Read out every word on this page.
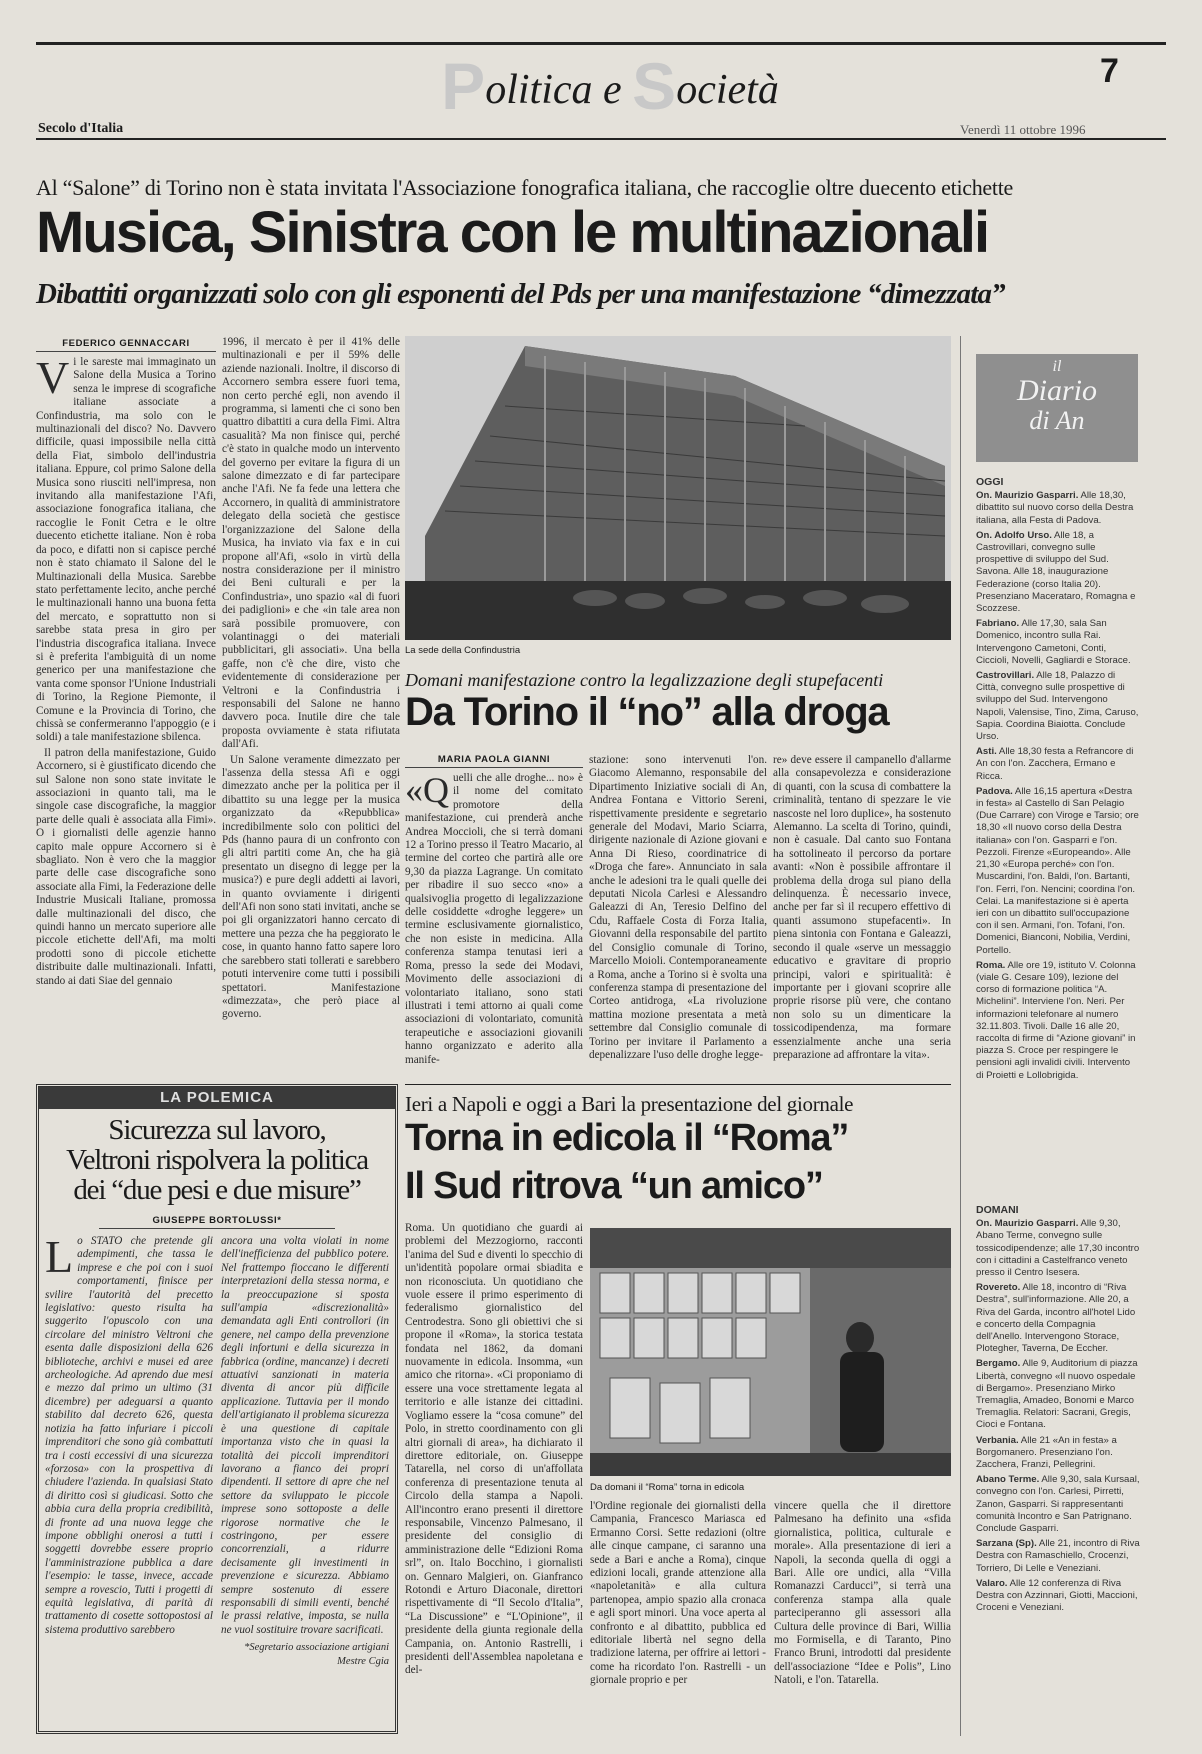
Politica e Società	7
Secolo d'Italia	Venerdì 11 ottobre 1996
Al “Salone” di Torino non è stata invitata l'Associazione fonografica italiana, che raccoglie oltre duecento etichette
Musica, Sinistra con le multinazionali
Dibattiti organizzati solo con gli esponenti del Pds per una manifestazione “dimezzata”
FEDERICO GENNACCARI
V i le sareste mai immaginato un Salone della Musica a Torino senza le imprese di scografiche italiane associate a Confindustria, ma solo con le multinazionali del disco? No. Davvero difficile, quasi impossibile nella città della Fiat, simbolo dell'industria italiana. Eppure, col primo Salone della Musica sono riusciti nell'impresa, non invitando alla manifestazione l'Afi, associazione fonografica italiana, che raccoglie le Fonit Cetra e le oltre duecento etichette italiane. Non è roba da poco, e difatti non si capisce perché non è stato chiamato il Salone del le Multinazionali della Musica. Sarebbe stato perfettamente lecito, anche perché le multinazionali hanno una buona fetta del mercato, e soprattutto non si sarebbe stata presa in giro per l'industria discografica italiana. Invece si è preferita l'ambiguità di un nome generico per una manifestazione che vanta come sponsor l'Unione Industriali di Torino, la Regione Piemonte, il Comune e la Provincia di Torino, che chissà se confermeranno l'appoggio (e i soldi) a tale manifestazione sbilenca.

Il patron della manifestazione, Guido Accornero, si è giustificato dicendo che sul Salone non sono state invitate le associazioni in quanto tali, ma le singole case discografiche, la maggior parte delle quali è associata alla Fimi». O i giornalisti delle agenzie hanno capito male oppure Accornero si è sbagliato. Non è vero che la maggior parte delle case discografiche sono associate alla Fimi, la Federazione delle Industrie Musicali Italiane, promossa dalle multinazionali del disco, che quindi hanno un mercato superiore alle piccole etichette dell'Afi, ma molti prodotti sono di piccole etichette distribuite dalle multinazionali. Infatti, stando ai dati Siae del gennaio

1996, il mercato è per il 41% delle multinazionali e per il 59% delle aziende nazionali. Inoltre, il discorso di Accornero sembra essere fuori tema, non certo perché egli, non avendo il programma, si lamenti che ci sono ben quattro dibattiti a cura della Fimi. Altra casualità? Ma non finisce qui, perché c'è stato in qualche modo un intervento del governo per evitare la figura di un salone dimezzato e di far partecipare anche l'Afi. Ne fa fede una lettera che Accornero, in qualità di amministratore delegato della società che gestisce l'organizzazione del Salone della Musica, ha inviato via fax e in cui propone all'Afi, «solo in virtù della nostra considerazione per il ministro dei Beni culturali e per la Confindustria», uno spazio «al di fuori dei padiglioni» e che «in tale area non sarà possibile promuovere, con volantinaggi o dei materiali pubblicitari, gli associati». Una bella gaffe, non c'è che dire, visto che evidentemente di considerazione per Veltroni e la Confindustria i responsabili del Salone ne hanno davvero poca. Inutile dire che tale proposta ovviamente è stata rifiutata dall'Afi.

Un Salone veramente dimezzato per l'assenza della stessa Afi e oggi dimezzato anche per la politica per il dibattito su una legge per la musica organizzato da «Repubblica» incredibilmente solo con politici del Pds (hanno paura di un confronto con gli altri partiti come An, che ha già presentato un disegno di legge per la musica?) e pure degli addetti ai lavori, in quanto ovviamente i dirigenti dell'Afi non sono stati invitati, anche se poi gli organizzatori hanno cercato di mettere una pezza che ha peggiorato le cose, in quanto hanno fatto sapere loro che sarebbero stati tollerati e sarebbero potuti intervenire come tutti i possibili spettatori. Manifestazione «dimezzata», che però piace al governo.

La sede della Confindustria
Domani manifestazione contro la legalizzazione degli stupefacenti
Da Torino il “no” alla droga
MARIA PAOLA GIANNI
«Q uelli che alle droghe... no» è il nome del comitato promotore della manifestazione, cui prenderà anche Andrea Moccioli, che si terrà domani 12 a Torino presso il Teatro Macario, al termine del corteo che partirà alle ore 9,30 da piazza Lagrange. Un comitato per ribadire il suo secco «no» a qualsivoglia progetto di legalizzazione delle cosiddette «droghe leggere» un termine esclusivamente giornalistico, che non esiste in medicina. Alla conferenza stampa tenutasi ieri a Roma, presso la sede dei Modavi, Movimento delle associazioni di volontariato italiano, sono stati illustrati i temi attorno ai quali come associazioni di volontariato, comunità terapeutiche e associazioni giovanili hanno organizzato e aderito alla manife-
stazione: sono intervenuti l'on. Giacomo Alemanno, responsabile del Dipartimento Iniziative sociali di An, Andrea Fontana e Vittorio Sereni, rispettivamente presidente e segretario generale del Modavi, Mario Sciarra, dirigente nazionale di Azione giovani e Anna Di Rieso, coordinatrice di «Droga che fare». Annunciato in sala anche le adesioni tra le quali quelle dei deputati Nicola Carlesi e Alessandro Galeazzi di An, Teresio Delfino del Cdu, Raffaele Costa di Forza Italia, Giovanni della responsabile del partito del Consiglio comunale di Torino, Marcello Moioli. Contemporaneamente a Roma, anche a Torino si è svolta una conferenza stampa di presentazione del Corteo antidroga, «La rivoluzione mattina mozione presentata a metà settembre dal Consiglio comunale di Torino per invitare il Parlamento a depenalizzare l'uso delle droghe legge-
re» deve essere il campanello d'allarme alla consapevolezza e considerazione di quanti, con la scusa di combattere la criminalità, tentano di spezzare le vie nascoste nel loro duplice», ha sostenuto Alemanno. La scelta di Torino, quindi, non è casuale. Dal canto suo Fontana ha sottolineato il percorso da portare avanti: «Non è possibile affrontare il problema della droga sul piano della delinquenza. È necessario invece, anche per far sì il recupero effettivo di quanti assumono stupefacenti». In piena sintonia con Fontana e Galeazzi, secondo il quale «serve un messaggio educativo e gravitare di proprio principi, valori e spiritualità: è importante per i giovani scoprire alle proprie risorse più vere, che contano non solo su un dimenticare la tossicodipendenza, ma formare essenzialmente anche una seria preparazione ad affrontare la vita».
LA POLEMICA
Sicurezza sul lavoro,
Veltroni rispolvera la politica
dei “due pesi e due misure”
GIUSEPPE BORTOLUSSI*
L o STATO che pretende gli adempimenti, che tassa le imprese e che poi con i suoi comportamenti, finisce per svilire l'autorità del precetto legislativo: questo risulta ha suggerito l'opuscolo con una circolare del ministro Veltroni che esenta dalle disposizioni della 626 biblioteche, archivi e musei ed aree archeologiche. Ad aprendo due mesi e mezzo dal primo un ultimo (31 dicembre) per adeguarsi a quanto stabilito dal decreto 626, questa notizia ha fatto infuriare i piccoli imprenditori che sono già combattuti tra i costi eccessivi di una sicurezza «forzosa» con la prospettiva di chiudere l'azienda. In qualsiasi Stato di diritto così si giudicasi. Sotto che abbia cura della propria credibilità, di fronte ad una nuova legge che impone obblighi onerosi a tutti i soggetti dovrebbe essere proprio l'amministrazione pubblica a dare l'esempio: le tasse, invece, accade sempre a rovescio, Tutti i progetti di equità legislativa, di parità di trattamento di cosette sottopostosi al sistema produttivo sarebbero
ancora una volta violati in nome dell'inefficienza del pubblico potere. Nel frattempo fioccano le differenti interpretazioni della stessa norma, e la preoccupazione si sposta sull'ampia «discrezionalità» demandata agli Enti controllori (in genere, nel campo della prevenzione degli infortuni e della sicurezza in fabbrica (ordine, mancanze) i decreti attuativi sanzionati in materia diventa di ancor più difficile applicazione. Tuttavia per il mondo dell'artigianato il problema sicurezza è una questione di capitale importanza visto che in quasi la totalità dei piccoli imprenditori lavorano a fianco dei propri dipendenti. Il settore di apre che nel settore da sviluppato le piccole imprese sono sottoposte a delle rigorose normative che le costringono, per essere concorrenziali, a ridurre decisamente gli investimenti in prevenzione e sicurezza. Abbiamo sempre sostenuto di essere responsabili di simili eventi, benché le prassi relative, imposta, se nulla ne vuol sostituire trovare sacrificati.
*Segretario associazione artigiani Mestre Cgia
Ieri a Napoli e oggi a Bari la presentazione del giornale
Torna in edicola il “Roma”
Il Sud ritrova “un amico”
Roma. Un quotidiano che guardi ai problemi del Mezzogiorno, racconti l'anima del Sud e diventi lo specchio di un'identità popolare ormai sbiadita e non riconosciuta. Un quotidiano che vuole essere il primo esperimento di federalismo giornalistico del Centrodestra. Sono gli obiettivi che si propone il «Roma», la storica testata fondata nel 1862, da domani nuovamente in edicola. Insomma, «un amico che ritorna». «Ci proponiamo di essere una voce strettamente legata al territorio e alle istanze dei cittadini. Vogliamo essere la “cosa comune” del Polo, in stretto coordinamento con gli altri giornali di area», ha dichiarato il direttore editoriale, on. Giuseppe Tatarella, nel corso di un'affollata conferenza di presentazione tenuta al Circolo della stampa a Napoli. All'incontro erano presenti il direttore responsabile, Vincenzo Palmesano, il presidente del consiglio di amministrazione delle “Edizioni Roma srl”, on. Italo Bocchino, i giornalisti on. Gennaro Malgieri, on. Gianfranco Rotondi e Arturo Diaconale, direttori rispettivamente di “Il Secolo d'Italia”, “La Discussione” e “L'Opinione”, il presidente della giunta regionale della Campania, on. Antonio Rastrelli, i presidenti dell'Assemblea napoletana e del-
Da domani il “Roma” torna in edicola
l'Ordine regionale dei giornalisti della Campania, Francesco Mariasca ed Ermanno Corsi. Sette redazioni (oltre alle cinque campane, ci saranno una sede a Bari e anche a Roma), cinque edizioni locali, grande attenzione alla «napoletanità» e alla cultura partenopea, ampio spazio alla cronaca e agli sport minori. Una voce aperta al confronto e al dibattito, pubblica ed editoriale libertà nel segno della tradizione laterna, per offrire ai lettori - come ha ricordato l'on. Rastrelli - un giornale proprio e per
vincere quella che il direttore Palmesano ha definito una «sfida giornalistica, politica, culturale e morale». Alla presentazione di ieri a Napoli, la seconda quella di oggi a Bari. Alle ore undici, alla “Villa Romanazzi Carducci”, si terrà una conferenza stampa alla quale parteciperanno gli assessori alla Cultura delle province di Bari, Willia mo Formisella, e di Taranto, Pino Franco Bruni, introdotti dal presidente dell'associazione “Idee e Polis”, Lino Natoli, e l'on. Tatarella.
il
Diario
di An
OGGI
On. Maurizio Gasparri. Alle 18,30, dibattito sul nuovo corso della Destra italiana, alla Festa di Padova.
On. Adolfo Urso. Alle 18, a Castrovillari, convegno sulle prospettive di sviluppo del Sud. Savona. Alle 18, inaugurazione Federazione (corso Italia 20). Presenziano Macerataro, Romagna e Scozzese.
Fabriano. Alle 17,30, sala San Domenico, incontro sulla Rai. Intervengono Cametoni, Conti, Ciccioli, Novelli, Gagliardi e Storace.
Castrovillari. Alle 18, Palazzo di Città, convegno sulle prospettive di sviluppo del Sud. Intervengono Napoli, Valensise, Tino, Zima, Caruso, Sapia. Coordina Biaiotta. Conclude Urso.
Asti. Alle 18,30 festa a Refrancore di An con l'on. Zacchera, Ermano e Ricca.
Padova. Alle 16,15 apertura «Destra in festa» al Castello di San Pelagio (Due Carrare) con Viroge e Tarsio; ore 18,30 «Il nuovo corso della Destra italiana» con l'on. Gasparri e l'on. Pezzoli. Firenze «Europeando». Alle 21,30 «Europa perché» con l'on. Muscardini, l'on. Baldi, l'on. Bartanti, l'on. Ferri, l'on. Nencini; coordina l'on. Celai. La manifestazione si è aperta ieri con un dibattito sull'occupazione con il sen. Armani, l'on. Tofani, l'on. Domenici, Bianconi, Nobilia, Verdini, Portello.
Roma. Alle ore 19, istituto V. Colonna (viale G. Cesare 109), lezione del corso di formazione politica “A. Michelini”. Interviene l'on. Neri. Per informazioni telefonare al numero 32.11.803. Tivoli. Dalle 16 alle 20, raccolta di firme di “Azione giovani” in piazza S. Croce per respingere le pensioni agli invalidi civili. Intervento di Proietti e Lollobrigida.
DOMANI
On. Maurizio Gasparri. Alle 9,30, Abano Terme, convegno sulle tossicodipendenze; alle 17,30 incontro con i cittadini a Castelfranco veneto presso il Centro Isesera.
Rovereto. Alle 18, incontro di “Riva Destra”, sull'informazione. Alle 20, a Riva del Garda, incontro all'hotel Lido e concerto della Compagnia dell'Anello. Intervengono Storace, Plotegher, Taverna, De Eccher.
Bergamo. Alle 9, Auditorium di piazza Libertà, convegno «Il nuovo ospedale di Bergamo». Presenziano Mirko Tremaglia, Amadeo, Bonomi e Marco Tremaglia. Relatori: Sacrani, Gregis, Cioci e Fontana.
Verbania. Alle 21 «An in festa» a Borgomanero. Presenziano l'on. Zacchera, Franzi, Pellegrini.
Abano Terme. Alle 9,30, sala Kursaal, convegno con l'on. Carlesi, Pirretti, Zanon, Gasparri. Si rappresentanti comunità Incontro e San Patrignano. Conclude Gasparri.
Sarzana (Sp). Alle 21, incontro di Riva Destra con Ramaschiello, Crocenzi, Torriero, Di Lelle e Veneziani.
Valaro. Alle 12 conferenza di Riva Destra con Azzinnari, Giotti, Maccioni, Croceni e Veneziani.
